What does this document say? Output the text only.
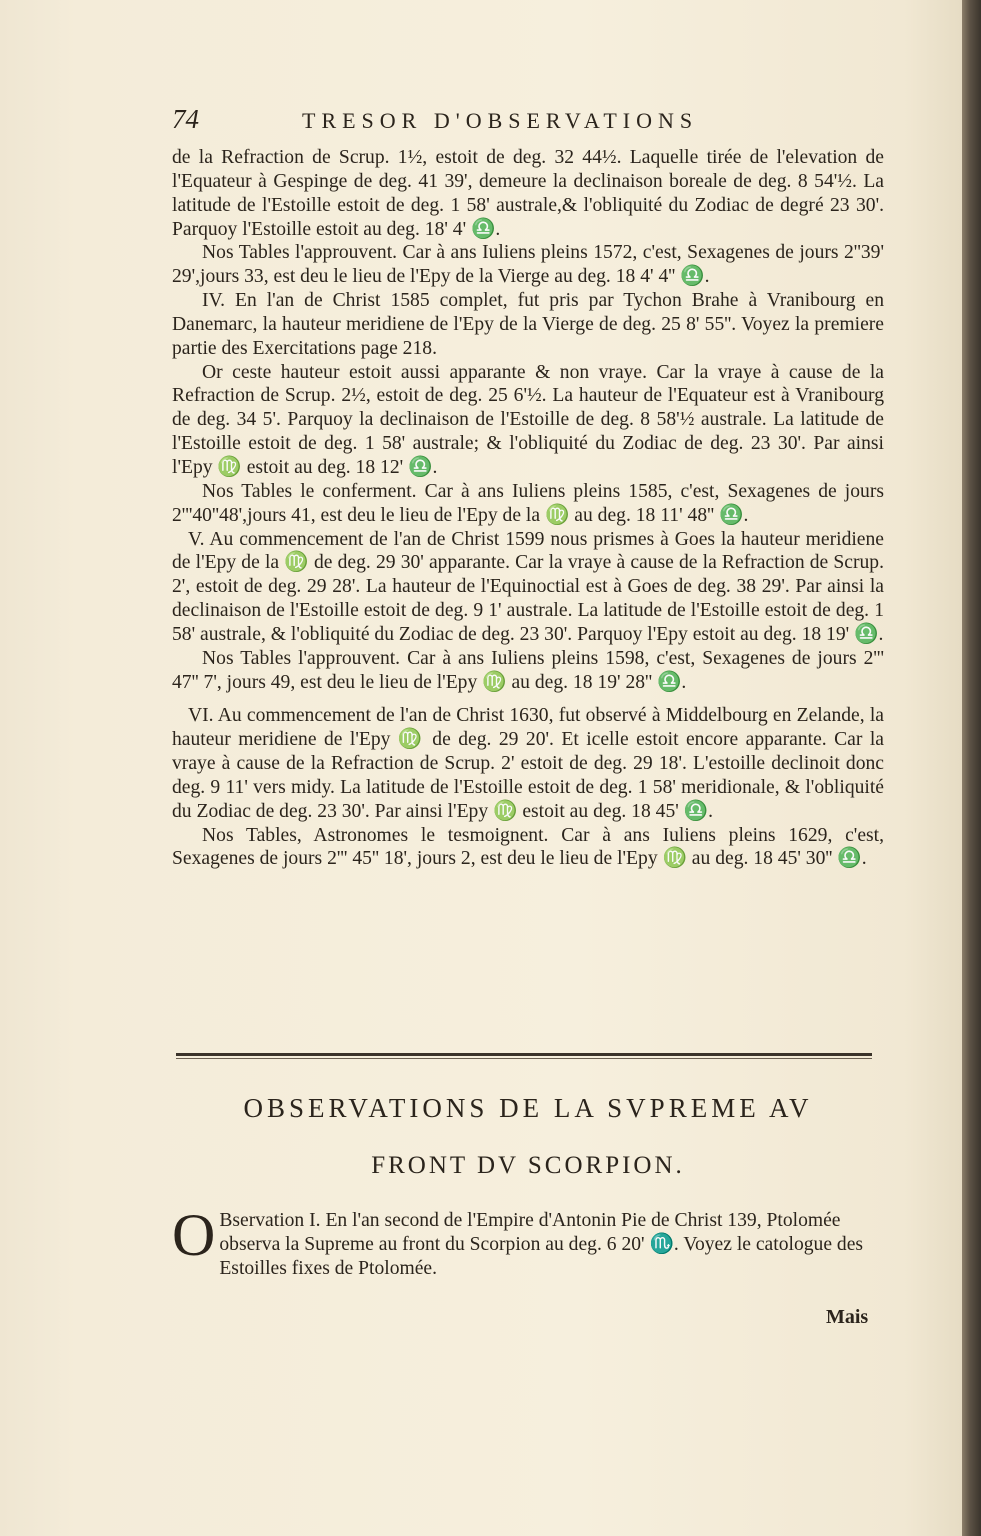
74	TRESOR D'OBSERVATIONS

de la Refraction de Scrup. 1½, estoit de deg. 32 44½. Laquelle tirée de l'elevation de l'Equateur à Gespinge de deg. 41 39', demeure la declinaison boreale de deg. 8 54'½. La latitude de l'Estoille estoit de deg. 1 58' australe,& l'obliquité du Zodiac de degré 23 30'. Parquoy l'Estoille estoit au deg. 18' 4' ♎.

Nos Tables l'approuvent. Car à ans Iuliens pleins 1572, c'est, Sexagenes de jours 2''39' 29',jours 33, est deu le lieu de l'Epy de la Vierge au deg. 18 4' 4'' ♎.

IV. En l'an de Christ 1585 complet, fut pris par Tychon Brahe à Vranibourg en Danemarc, la hauteur meridiene de l'Epy de la Vierge de deg. 25 8' 55''. Voyez la premiere partie des Exercitations page 218.

Or ceste hauteur estoit aussi apparante & non vraye. Car la vraye à cause de la Refraction de Scrup. 2½, estoit de deg. 25 6'½. La hauteur de l'Equateur est à Vranibourg de deg. 34 5'. Parquoy la declinaison de l'Estoille de deg. 8 58'½ australe. La latitude de l'Estoille estoit de deg. 1 58' australe; & l'obliquité du Zodiac de deg. 23 30'. Par ainsi l'Epy ♍ estoit au deg. 18 12' ♎.

Nos Tables le conferment. Car à ans Iuliens pleins 1585, c'est, Sexagenes de jours 2'''40''48',jours 41, est deu le lieu de l'Epy de la ♍ au deg. 18 11' 48'' ♎.

V. Au commencement de l'an de Christ 1599 nous prismes à Goes la hauteur meridiene de l'Epy de la ♍ de deg. 29 30' apparante. Car la vraye à cause de la Refraction de Scrup. 2', estoit de deg. 29 28'. La hauteur de l'Equinoctial est à Goes de deg. 38 29'. Par ainsi la declinaison de l'Estoille estoit de deg. 9 1' australe. La latitude de l'Estoille estoit de deg. 1 58' australe, & l'obliquité du Zodiac de deg. 23 30'. Parquoy l'Epy estoit au deg. 18 19' ♎.

Nos Tables l'approuvent. Car à ans Iuliens pleins 1598, c'est, Sexagenes de jours 2''' 47'' 7', jours 49, est deu le lieu de l'Epy ♍ au deg. 18 19' 28'' ♎.

VI. Au commencement de l'an de Christ 1630, fut observé à Middelbourg en Zelande, la hauteur meridiene de l'Epy ♍ de deg. 29 20'. Et icelle estoit encore apparante. Car la vraye à cause de la Refraction de Scrup. 2' estoit de deg. 29 18'. L'estoille declinoit donc deg. 9 11' vers midy. La latitude de l'Estoille estoit de deg. 1 58' meridionale, & l'obliquité du Zodiac de deg. 23 30'. Par ainsi l'Epy ♍ estoit au deg. 18 45' ♎.

Nos Tables, Astronomes le tesmoignent. Car à ans Iuliens pleins 1629, c'est, Sexagenes de jours 2''' 45'' 18', jours 2, est deu le lieu de l'Epy ♍ au deg. 18 45' 30'' ♎.

OBSERVATIONS DE LA SVPREME AV
FRONT DV SCORPION.
O Bservation I. En l'an second de l'Empire d'Antonin Pie de Christ 139, Ptolomée observa la Supreme au front du Scorpion au deg. 6 20' ♏. Voyez le catologue des Estoilles fixes de Ptolomée.
Mais
